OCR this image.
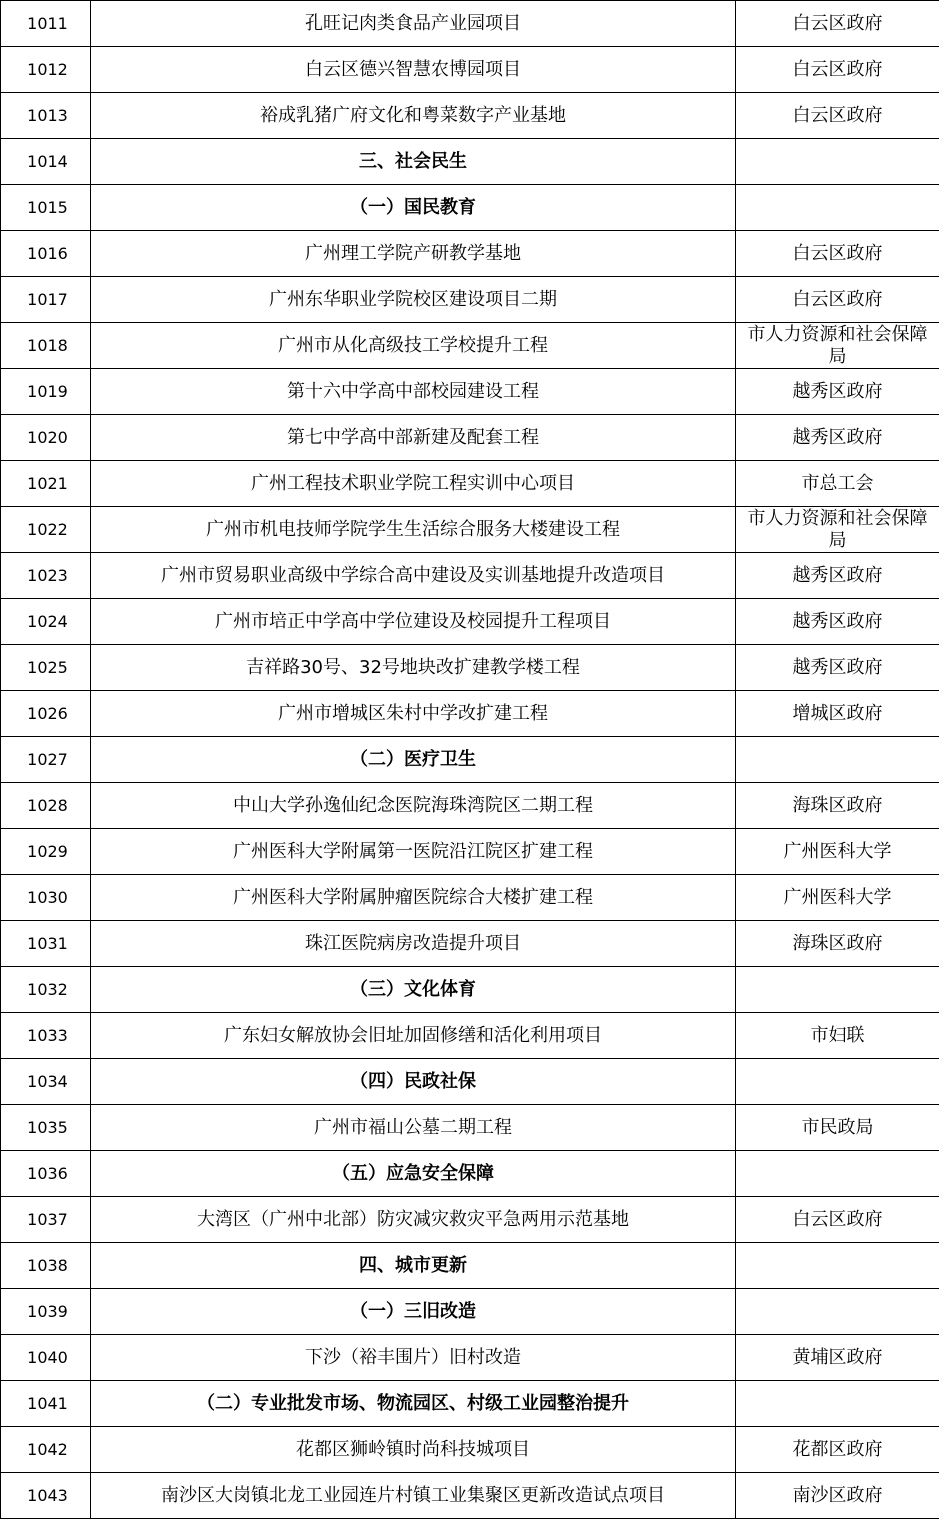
1011	孔旺记肉类食品产业园项目	白云区政府

1012	白云区德兴智慧农博园项目	白云区政府

1013	裕成乳猪广府文化和粤菜数字产业基地	白云区政府

1014	三、社会民生	

1015	（一）国民教育	

1016	广州理工学院产研教学基地	白云区政府

1017	广州东华职业学院校区建设项目二期	白云区政府

1018	广州市从化高级技工学校提升工程	市人力资源和社会保障局

1019	第十六中学高中部校园建设工程	越秀区政府

1020	第七中学高中部新建及配套工程	越秀区政府

1021	广州工程技术职业学院工程实训中心项目	市总工会

1022	广州市机电技师学院学生生活综合服务大楼建设工程	市人力资源和社会保障局

1023	广州市贸易职业高级中学综合高中建设及实训基地提升改造项目	越秀区政府

1024	广州市培正中学高中学位建设及校园提升工程项目	越秀区政府

1025	吉祥路30号、32号地块改扩建教学楼工程	越秀区政府

1026	广州市增城区朱村中学改扩建工程	增城区政府

1027	（二）医疗卫生	

1028	中山大学孙逸仙纪念医院海珠湾院区二期工程	海珠区政府

1029	广州医科大学附属第一医院沿江院区扩建工程	广州医科大学

1030	广州医科大学附属肿瘤医院综合大楼扩建工程	广州医科大学

1031	珠江医院病房改造提升项目	海珠区政府

1032	（三）文化体育	

1033	广东妇女解放协会旧址加固修缮和活化利用项目	市妇联

1034	（四）民政社保	

1035	广州市福山公墓二期工程	市民政局

1036	（五）应急安全保障	

1037	大湾区（广州中北部）防灾减灾救灾平急两用示范基地	白云区政府

1038	四、城市更新	

1039	（一）三旧改造	

1040	下沙（裕丰围片）旧村改造	黄埔区政府

1041	（二）专业批发市场、物流园区、村级工业园整治提升	

1042	花都区狮岭镇时尚科技城项目	花都区政府

1043	南沙区大岗镇北龙工业园连片村镇工业集聚区更新改造试点项目	南沙区政府
